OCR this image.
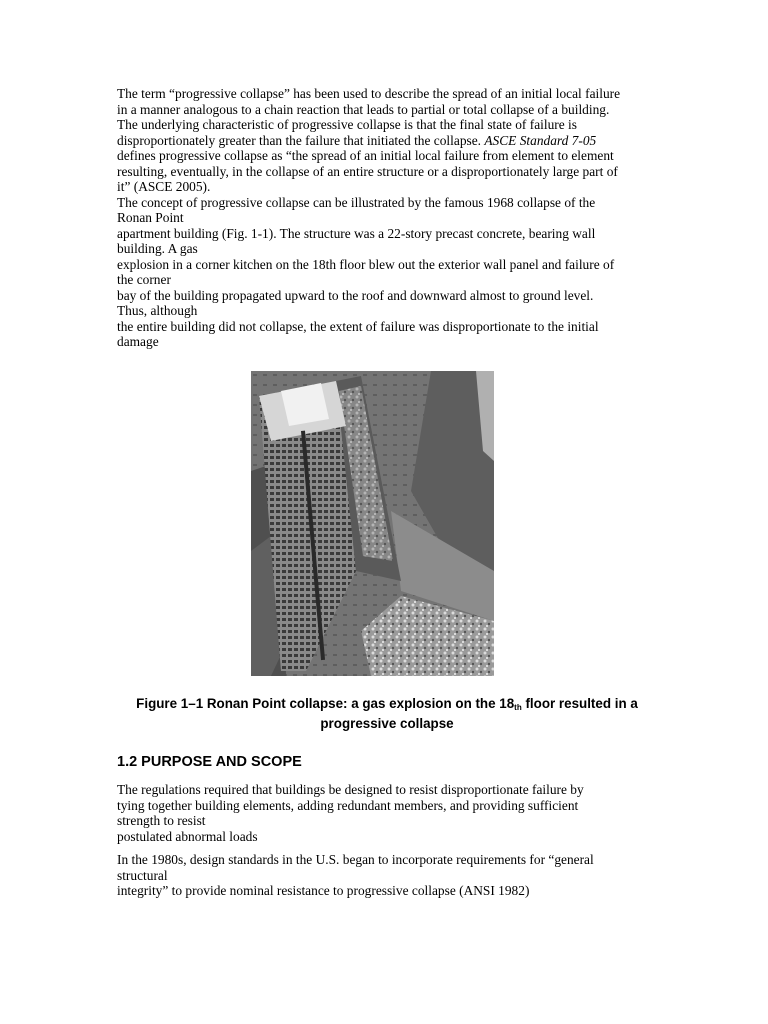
The term “progressive collapse” has been used to describe the spread of an initial local failure
in a manner analogous to a chain reaction that leads to partial or total collapse of a building.
The underlying characteristic of progressive collapse is that the final state of failure is
disproportionately greater than the failure that initiated the collapse. ASCE Standard 7-05
defines progressive collapse as “the spread of an initial local failure from element to element
resulting, eventually, in the collapse of an entire structure or a disproportionately large part of
it” (ASCE 2005).
The concept of progressive collapse can be illustrated by the famous 1968 collapse of the
Ronan Point
apartment building (Fig. 1-1). The structure was a 22-story precast concrete, bearing wall
building. A gas
explosion in a corner kitchen on the 18th floor blew out the exterior wall panel and failure of
the corner
bay of the building propagated upward to the roof and downward almost to ground level.
Thus, although
the entire building did not collapse, the extent of failure was disproportionate to the initial
damage

Figure 1–1 Ronan Point collapse: a gas explosion on the $18_{th}$ floor resulted in a
progressive collapse
1.2 PURPOSE AND SCOPE

The regulations required that buildings be designed to resist disproportionate failure by
tying together building elements, adding redundant members, and providing sufficient
strength to resist
postulated abnormal loads

In the 1980s, design standards in the U.S. began to incorporate requirements for “general
structural
integrity” to provide nominal resistance to progressive collapse (ANSI 1982)
